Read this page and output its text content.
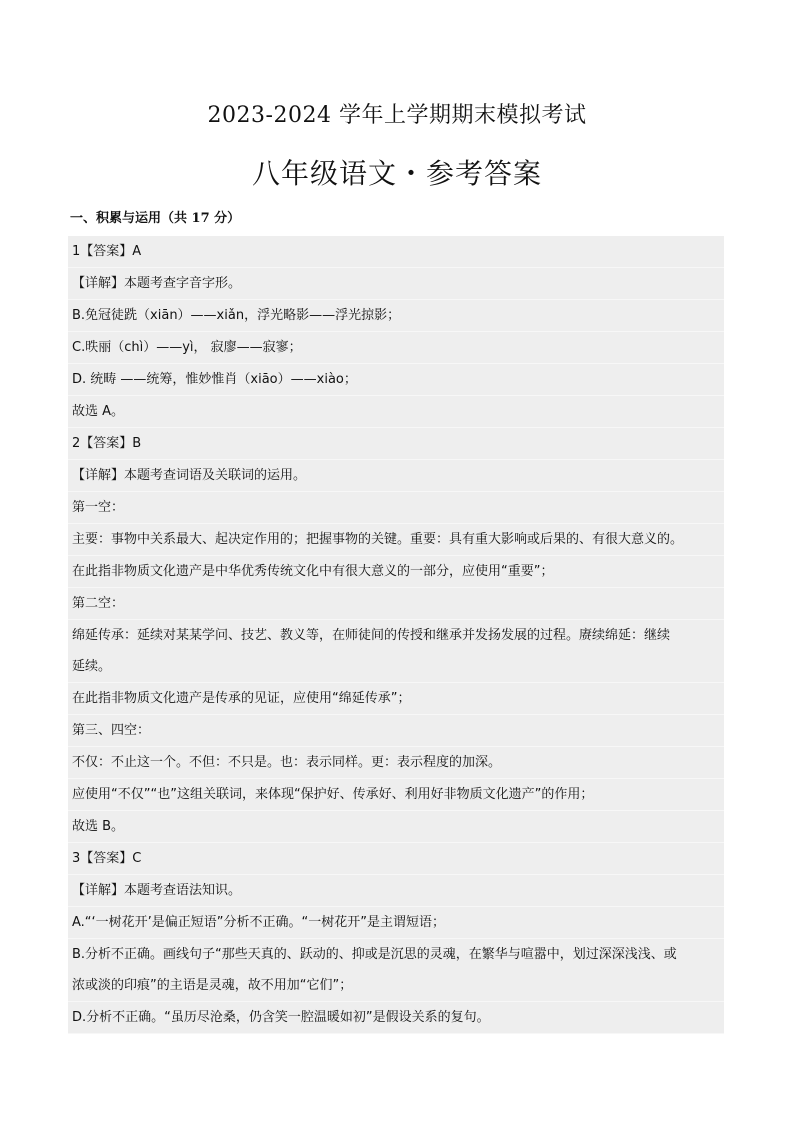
2023-2024 学年上学期期末模拟考试
八年级语文・参考答案
一、积累与运用（共 17 分）
1【答案】A
【详解】本题考查字音字形。
B.免冠徒跣（xiān）——xiǎn，浮光略影——浮光掠影；
C.昳丽（chì）——yì， 寂廖——寂寥；
D. 统畴 ——统筹，惟妙惟肖（xiāo）——xiào；
故选 A。
2【答案】B
【详解】本题考查词语及关联词的运用。
第一空：
主要：事物中关系最大、起决定作用的；把握事物的关键。重要：具有重大影响或后果的、有很大意义的。
在此指非物质文化遗产是中华优秀传统文化中有很大意义的一部分，应使用“重要”；
第二空：
绵延传承：延续对某某学问、技艺、教义等，在师徒间的传授和继承并发扬发展的过程。赓续绵延：继续
延续。
在此指非物质文化遗产是传承的见证，应使用“绵延传承”；
第三、四空：
不仅：不止这一个。不但：不只是。也：表示同样。更：表示程度的加深。
应使用“不仅”“也”这组关联词，来体现“保护好、传承好、利用好非物质文化遗产”的作用；
故选 B。
3【答案】C
【详解】本题考查语法知识。
A.“‘一树花开’是偏正短语”分析不正确。“一树花开”是主谓短语；
B.分析不正确。画线句子“那些天真的、跃动的、抑或是沉思的灵魂，在繁华与喧嚣中，划过深深浅浅、或
浓或淡的印痕”的主语是灵魂，故不用加“它们”；
D.分析不正确。“虽历尽沧桑，仍含笑一腔温暖如初”是假设关系的复句。
